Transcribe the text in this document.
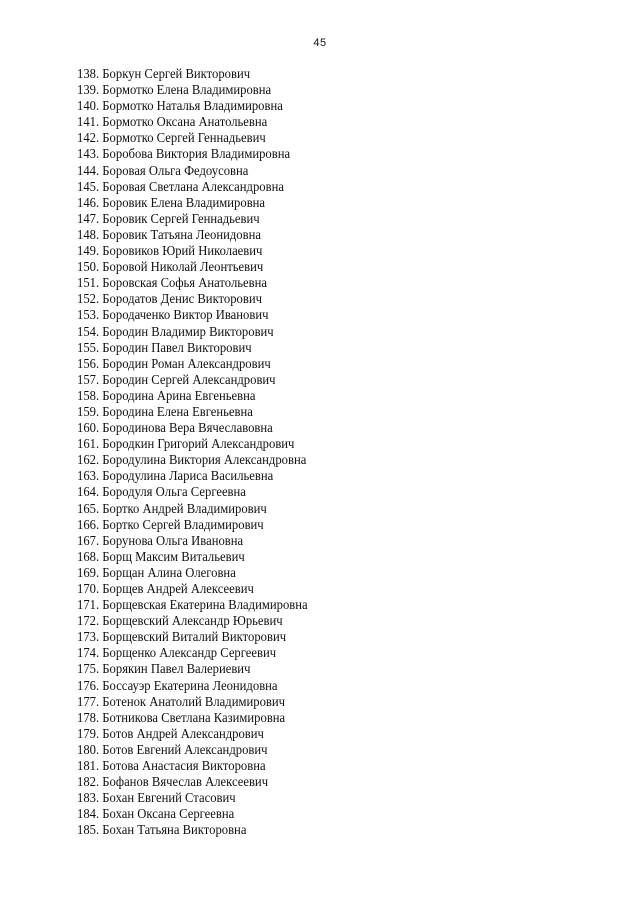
45
138. Боркун Сергей Викторович
139. Бормотко Елена Владимировна
140. Бормотко Наталья Владимировна
141. Бормотко Оксана Анатольевна
142. Бормотко Сергей Геннадьевич
143. Боробова Виктория Владимировна
144. Боровая Ольга Федоусовна
145. Боровая Светлана Александровна
146. Боровик Елена Владимировна
147. Боровик Сергей Геннадьевич
148. Боровик Татьяна Леонидовна
149. Боровиков Юрий Николаевич
150. Боровой Николай Леонтьевич
151. Боровская Софья Анатольевна
152. Бородатов Денис Викторович
153. Бородаченко Виктор Иванович
154. Бородин Владимир Викторович
155. Бородин Павел Викторович
156. Бородин Роман Александрович
157. Бородин Сергей Александрович
158. Бородина Арина Евгеньевна
159. Бородина Елена Евгеньевна
160. Бородинова Вера Вячеславовна
161. Бородкин Григорий Александрович
162. Бородулина Виктория Александровна
163. Бородулина Лариса Васильевна
164. Бородуля Ольга Сергеевна
165. Бортко Андрей Владимирович
166. Бортко Сергей Владимирович
167. Борунова Ольга Ивановна
168. Борщ Максим Витальевич
169. Борщан Алина Олеговна
170. Борщев Андрей Алексеевич
171. Борщевская Екатерина Владимировна
172. Борщевский Александр Юрьевич
173. Борщевский Виталий Викторович
174. Борщенко Александр Сергеевич
175. Борякин Павел Валериевич
176. Боссауэр Екатерина Леонидовна
177. Ботенок Анатолий Владимирович
178. Ботникова Светлана Казимировна
179. Ботов Андрей Александрович
180. Ботов Евгений Александрович
181. Ботова Анастасия Викторовна
182. Бофанов Вячеслав Алексеевич
183. Бохан Евгений Стасович
184. Бохан Оксана Сергеевна
185. Бохан Татьяна Викторовна
